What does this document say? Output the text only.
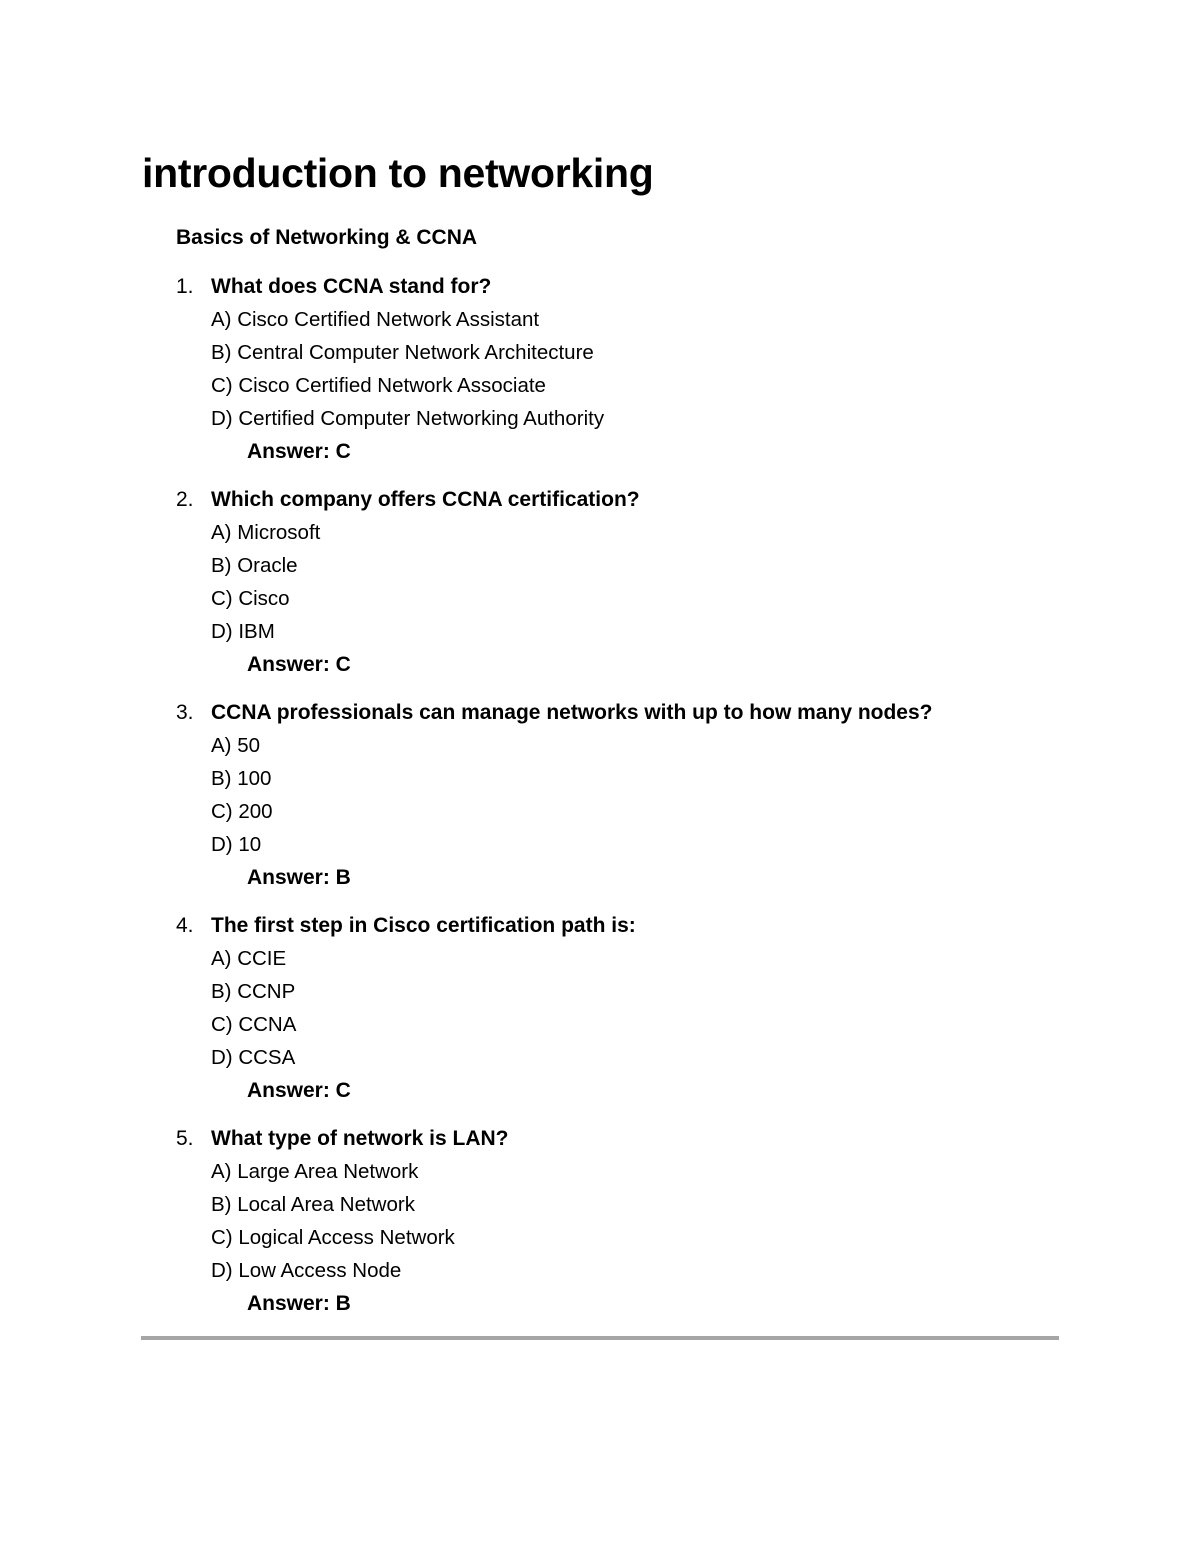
introduction to networking
Basics of Networking & CCNA
1. What does CCNA stand for?
A) Cisco Certified Network Assistant
B) Central Computer Network Architecture
C) Cisco Certified Network Associate
D) Certified Computer Networking Authority
Answer: C
2. Which company offers CCNA certification?
A) Microsoft
B) Oracle
C) Cisco
D) IBM
Answer: C
3. CCNA professionals can manage networks with up to how many nodes?
A) 50
B) 100
C) 200
D) 10
Answer: B
4. The first step in Cisco certification path is:
A) CCIE
B) CCNP
C) CCNA
D) CCSA
Answer: C
5. What type of network is LAN?
A) Large Area Network
B) Local Area Network
C) Logical Access Network
D) Low Access Node
Answer: B
